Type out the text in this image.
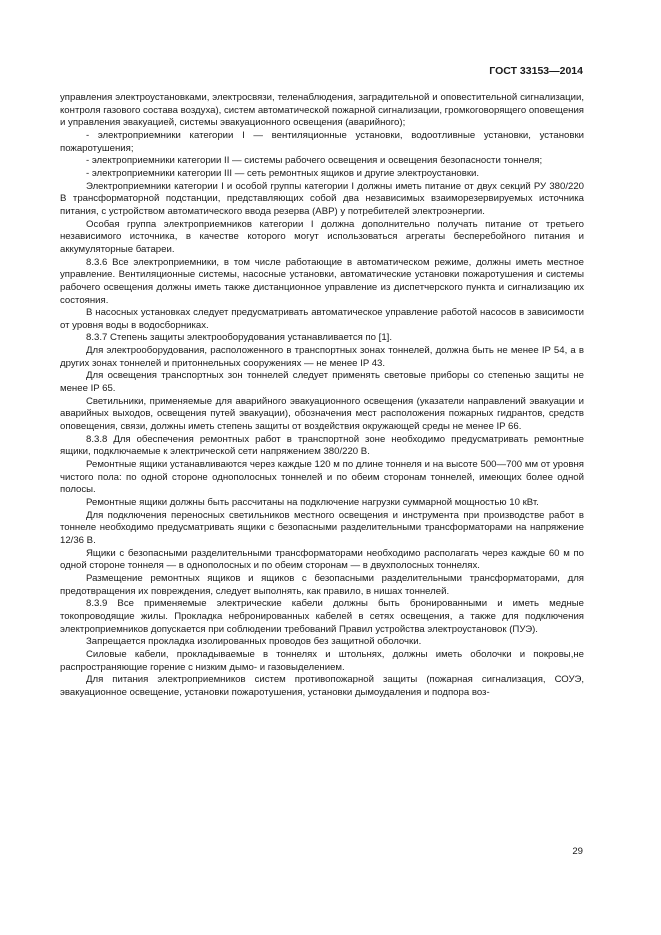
ГОСТ 33153—2014

управления электроустановками, электросвязи, теленаблюдения, заградительной и оповестительной сигнализации, контроля газового состава воздуха), систем автоматической пожарной сигнализации, громкоговорящего оповещения и управления эвакуацией, системы эвакуационного освещения (аварийного);

- электроприемники категории I — вентиляционные установки, водоотливные установки, установки пожаротушения;

- электроприемники категории II — системы рабочего освещения и освещения безопасности тоннеля;

- электроприемники категории III — сеть ремонтных ящиков и другие электроустановки.

Электроприемники категории I и особой группы категории I должны иметь питание от двух секций РУ 380/220 В трансформаторной подстанции, представляющих собой два независимых взаиморезервируемых источника питания, с устройством автоматического ввода резерва (АВР) у потребителей электроэнергии.

Особая группа электроприемников категории I должна дополнительно получать питание от третьего независимого источника, в качестве которого могут использоваться агрегаты бесперебойного питания и аккумуляторные батареи.

8.3.6 Все электроприемники, в том числе работающие в автоматическом режиме, должны иметь местное управление. Вентиляционные системы, насосные установки, автоматические установки пожаротушения и системы рабочего освещения должны иметь также дистанционное управление из диспетчерского пункта и сигнализацию их состояния.

В насосных установках следует предусматривать автоматическое управление работой насосов в зависимости от уровня воды в водосборниках.

8.3.7 Степень защиты электрооборудования устанавливается по [1].

Для электрооборудования, расположенного в транспортных зонах тоннелей, должна быть не менее IP 54, а в других зонах тоннелей и притоннельных сооружениях — не менее IP 43.

Для освещения транспортных зон тоннелей следует применять световые приборы со степенью защиты не менее IP 65.

Светильники, применяемые для аварийного эвакуационного освещения (указатели направлений эвакуации и аварийных выходов, освещения путей эвакуации), обозначения мест расположения пожарных гидрантов, средств оповещения, связи, должны иметь степень защиты от воздействия окружающей среды не менее IP 66.

8.3.8 Для обеспечения ремонтных работ в транспортной зоне необходимо предусматривать ремонтные ящики, подключаемые к электрической сети напряжением 380/220 В.

Ремонтные ящики устанавливаются через каждые 120 м по длине тоннеля и на высоте 500—700 мм от уровня чистого пола: по одной стороне однополосных тоннелей и по обеим сторонам тоннелей, имеющих более одной полосы.

Ремонтные ящики должны быть рассчитаны на подключение нагрузки суммарной мощностью 10 кВт.

Для подключения переносных светильников местного освещения и инструмента при производстве работ в тоннеле необходимо предусматривать ящики с безопасными разделительными трансформаторами на напряжение 12/36 В.

Ящики с безопасными разделительными трансформаторами необходимо располагать через каждые 60 м по одной стороне тоннеля — в однополосных и по обеим сторонам — в двухполосных тоннелях.

Размещение ремонтных ящиков и ящиков с безопасными разделительными трансформаторами, для предотвращения их повреждения, следует выполнять, как правило, в нишах тоннелей.

8.3.9 Все применяемые электрические кабели должны быть бронированными и иметь медные токопроводящие жилы. Прокладка небронированных кабелей в сетях освещения, а также для подключения электроприемников допускается при соблюдении требований Правил устройства электроустановок (ПУЭ).

Запрещается прокладка изолированных проводов без защитной оболочки.

Силовые кабели, прокладываемые в тоннелях и штольнях, должны иметь оболочки и покровы,не распространяющие горение с низким дымо- и газовыделением.

Для питания электроприемников систем противопожарной защиты (пожарная сигнализация, СОУЭ, эвакуационное освещение, установки пожаротушения, установки дымоудаления и подпора воз-

29
